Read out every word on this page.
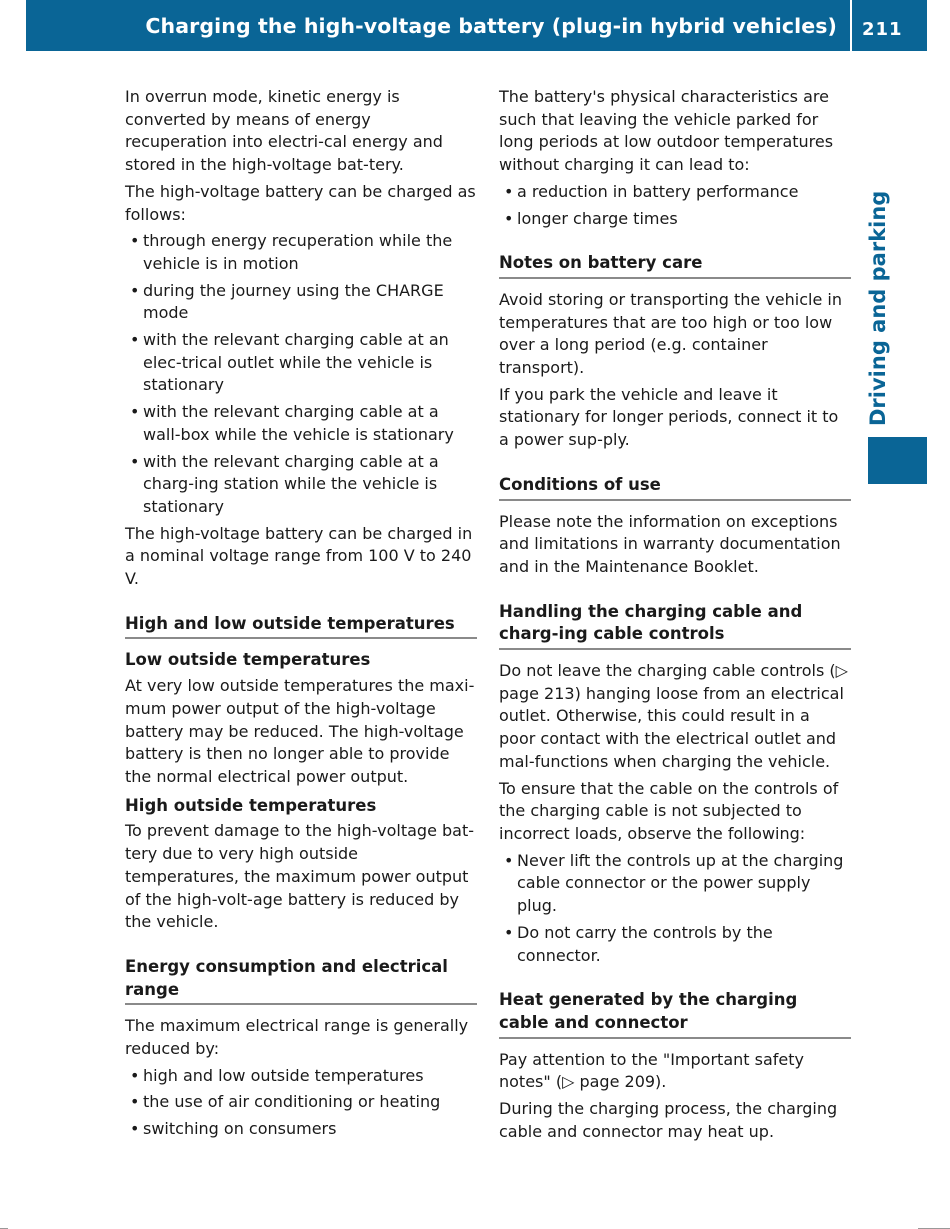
Charging the high-voltage battery (plug-in hybrid vehicles) 211
Driving and parking

In overrun mode, kinetic energy is converted by means of energy recuperation into electri-cal energy and stored in the high-voltage bat-tery.

The high-voltage battery can be charged as follows:

• through energy recuperation while the vehicle is in motion
• during the journey using the CHARGE mode
• with the relevant charging cable at an elec-trical outlet while the vehicle is stationary
• with the relevant charging cable at a wall-box while the vehicle is stationary
• with the relevant charging cable at a charg-ing station while the vehicle is stationary

The high-voltage battery can be charged in a nominal voltage range from 100 V to 240 V.

High and low outside temperatures
Low outside temperatures

At very low outside temperatures the maxi-mum power output of the high-voltage battery may be reduced. The high-voltage battery is then no longer able to provide the normal electrical power output.

High outside temperatures

To prevent damage to the high-voltage bat-tery due to very high outside temperatures, the maximum power output of the high-volt-age battery is reduced by the vehicle.

Energy consumption and electrical range

The maximum electrical range is generally reduced by:

• high and low outside temperatures
• the use of air conditioning or heating
• switching on consumers

The battery's physical characteristics are such that leaving the vehicle parked for long periods at low outdoor temperatures without charging it can lead to:

• a reduction in battery performance
• longer charge times
Notes on battery care

Avoid storing or transporting the vehicle in temperatures that are too high or too low over a long period (e.g. container transport).

If you park the vehicle and leave it stationary for longer periods, connect it to a power sup-ply.

Conditions of use

Please note the information on exceptions and limitations in warranty documentation and in the Maintenance Booklet.

Handling the charging cable and charg-ing cable controls

Do not leave the charging cable controls (▷ page 213) hanging loose from an electrical outlet. Otherwise, this could result in a poor contact with the electrical outlet and mal-functions when charging the vehicle.

To ensure that the cable on the controls of the charging cable is not subjected to incorrect loads, observe the following:

• Never lift the controls up at the charging cable connector or the power supply plug.
• Do not carry the controls by the connector.
Heat generated by the charging cable and connector

Pay attention to the "Important safety notes" (▷ page 209).

During the charging process, the charging cable and connector may heat up.
